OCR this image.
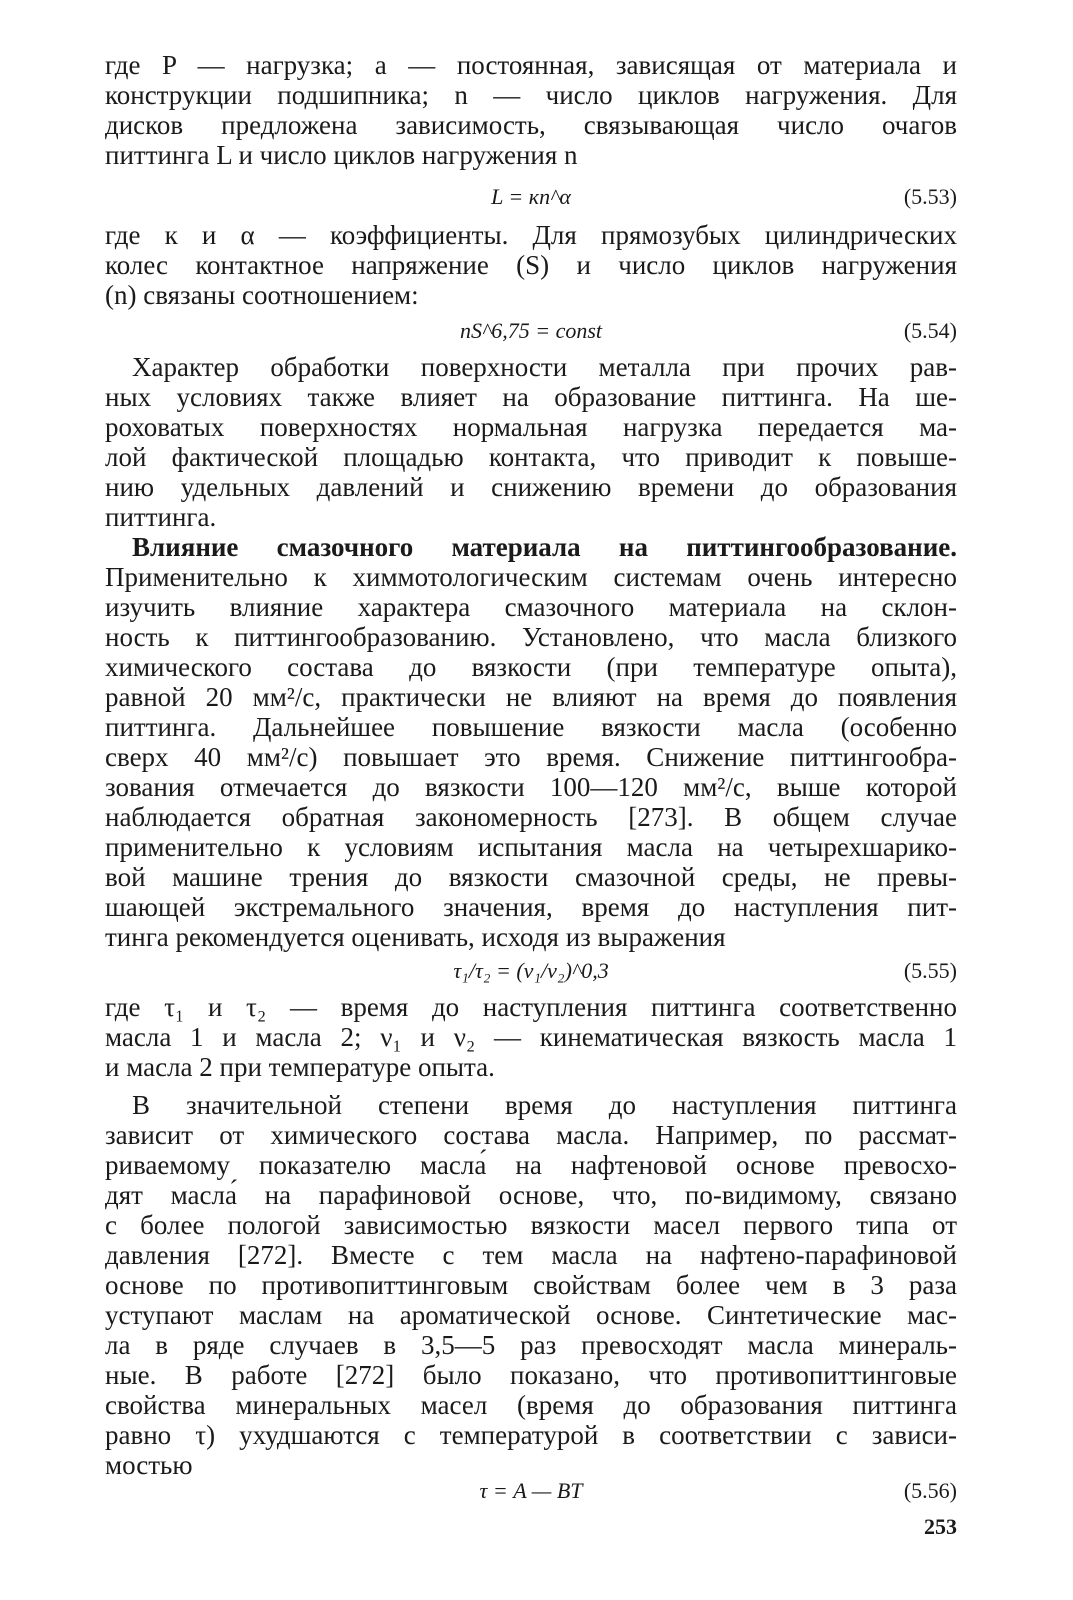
где P — нагрузка; a — постоянная, зависящая от материала и
конструкции подшипника; n — число циклов нагружения. Для
дисков предложена зависимость, связывающая число очагов
питтинга L и число циклов нагружения n
L = кn^α	(5.53)
где к и α — коэффициенты. Для прямозубых цилиндрических
колес контактное напряжение (S) и число циклов нагружения
(n) связаны соотношением:
nS^6,75 = const	(5.54)
Характер обработки поверхности металла при прочих рав-
ных условиях также влияет на образование питтинга. На ше-
роховатых поверхностях нормальная нагрузка передается ма-
лой фактической площадью контакта, что приводит к повыше-
нию удельных давлений и снижению времени до образования
питтинга.
Влияние смазочного материала на питтингообразование.
Применительно к химмотологическим системам очень интересно
изучить влияние характера смазочного материала на склон-
ность к питтингообразованию. Установлено, что масла близкого
химического состава до вязкости (при температуре опыта),
равной 20 мм²/с, практически не влияют на время до появления
питтинга. Дальнейшее повышение вязкости масла (особенно
сверх 40 мм²/с) повышает это время. Снижение питтингообра-
зования отмечается до вязкости 100—120 мм²/с, выше которой
наблюдается обратная закономерность [273]. В общем случае
применительно к условиям испытания масла на четырехшарико-
вой машине трения до вязкости смазочной среды, не превы-
шающей экстремального значения, время до наступления пит-
тинга рекомендуется оценивать, исходя из выражения
τ₁/τ₂ = (ν₁/ν₂)^0,3	(5.55)
где τ₁ и τ₂ — время до наступления питтинга соответственно
масла 1 и масла 2; ν₁ и ν₂ — кинематическая вязкость масла 1
и масла 2 при температуре опыта.
В значительной степени время до наступления питтинга
зависит от химического состава масла. Например, по рассмат-
риваемому показателю масла́ на нафтеновой основе превосхо-
дят масла́ на парафиновой основе, что, по-видимому, связано
с более пологой зависимостью вязкости масел первого типа от
давления [272]. Вместе с тем масла на нафтено-парафиновой
основе по противопиттинговым свойствам более чем в 3 раза
уступают маслам на ароматической основе. Синтетические мас-
ла в ряде случаев в 3,5—5 раз превосходят масла минераль-
ные. В работе [272] было показано, что противопиттинговые
свойства минеральных масел (время до образования питтинга
равно τ) ухудшаются с температурой в соответствии с зависи-
мостью
τ = A — BT	(5.56)
253
